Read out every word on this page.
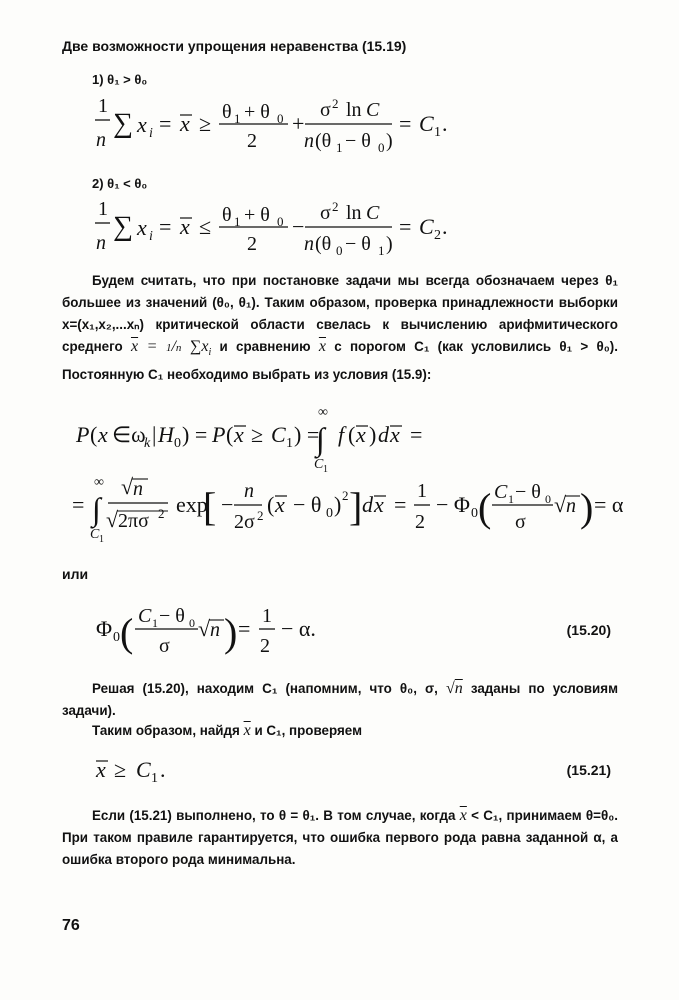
Две возможности упрощения неравенства (15.19)
1) θ₁ > θ₀
1
n
∑ x i = x ≥ θ 1 + θ 0
2
+
σ 2 ln C
n (θ 1 − θ 0 )
= C 1 .
2) θ₁ < θ₀
1
n
∑ x i = x ≤ θ 1 + θ 0
2
−
σ 2 ln C
n (θ 0 − θ 1 )
= C 2 .
Будем считать, что при постановке задачи мы всегда обозначаем через θ₁ большее из значений (θ₀, θ₁). Таким образом, проверка принадлежности выборки x=(x₁,x₂,...xₙ) критической области свелась к вычислению арифмитического среднего $\overline{x} = 1/n$ $\sum x_i$ и сравнению $\overline{x}$ с порогом C₁ (как условились θ₁ > θ₀). Постоянную C₁ необходимо выбрать из условия (15.9):
P ( x ∈ω
k | H 0 ) = P ( x ≥ C 1 ) =
∞
∫
C 1
f ( x ) d x =
=
∞
∫
C 1
√ n
√ 2πσ 2 exp
[ −
n
2σ 2 ( x − θ 0 ) 2 ] d x =
1
2
− Φ 0 ( C 1 − θ 0
σ
√ n ) = α
или
Φ 0 ( C 1 − θ 0
σ
√ n ) = 1
2
− α.	(15.20)
Решая (15.20), находим C₁ (напомним, что θ₀, σ, √n заданы по условиям задачи).
Таким образом, найдя $\overline{x}$ и C₁, проверяем
x ≥ C 1 .	(15.21)
Если (15.21) выполнено, то θ = θ₁. В том случае, когда $\overline{x} < C_1$, принимаем θ=θ₀. При таком правиле гарантируется, что ошибка первого рода равна заданной α, а ошибка второго рода минимальна.
76
